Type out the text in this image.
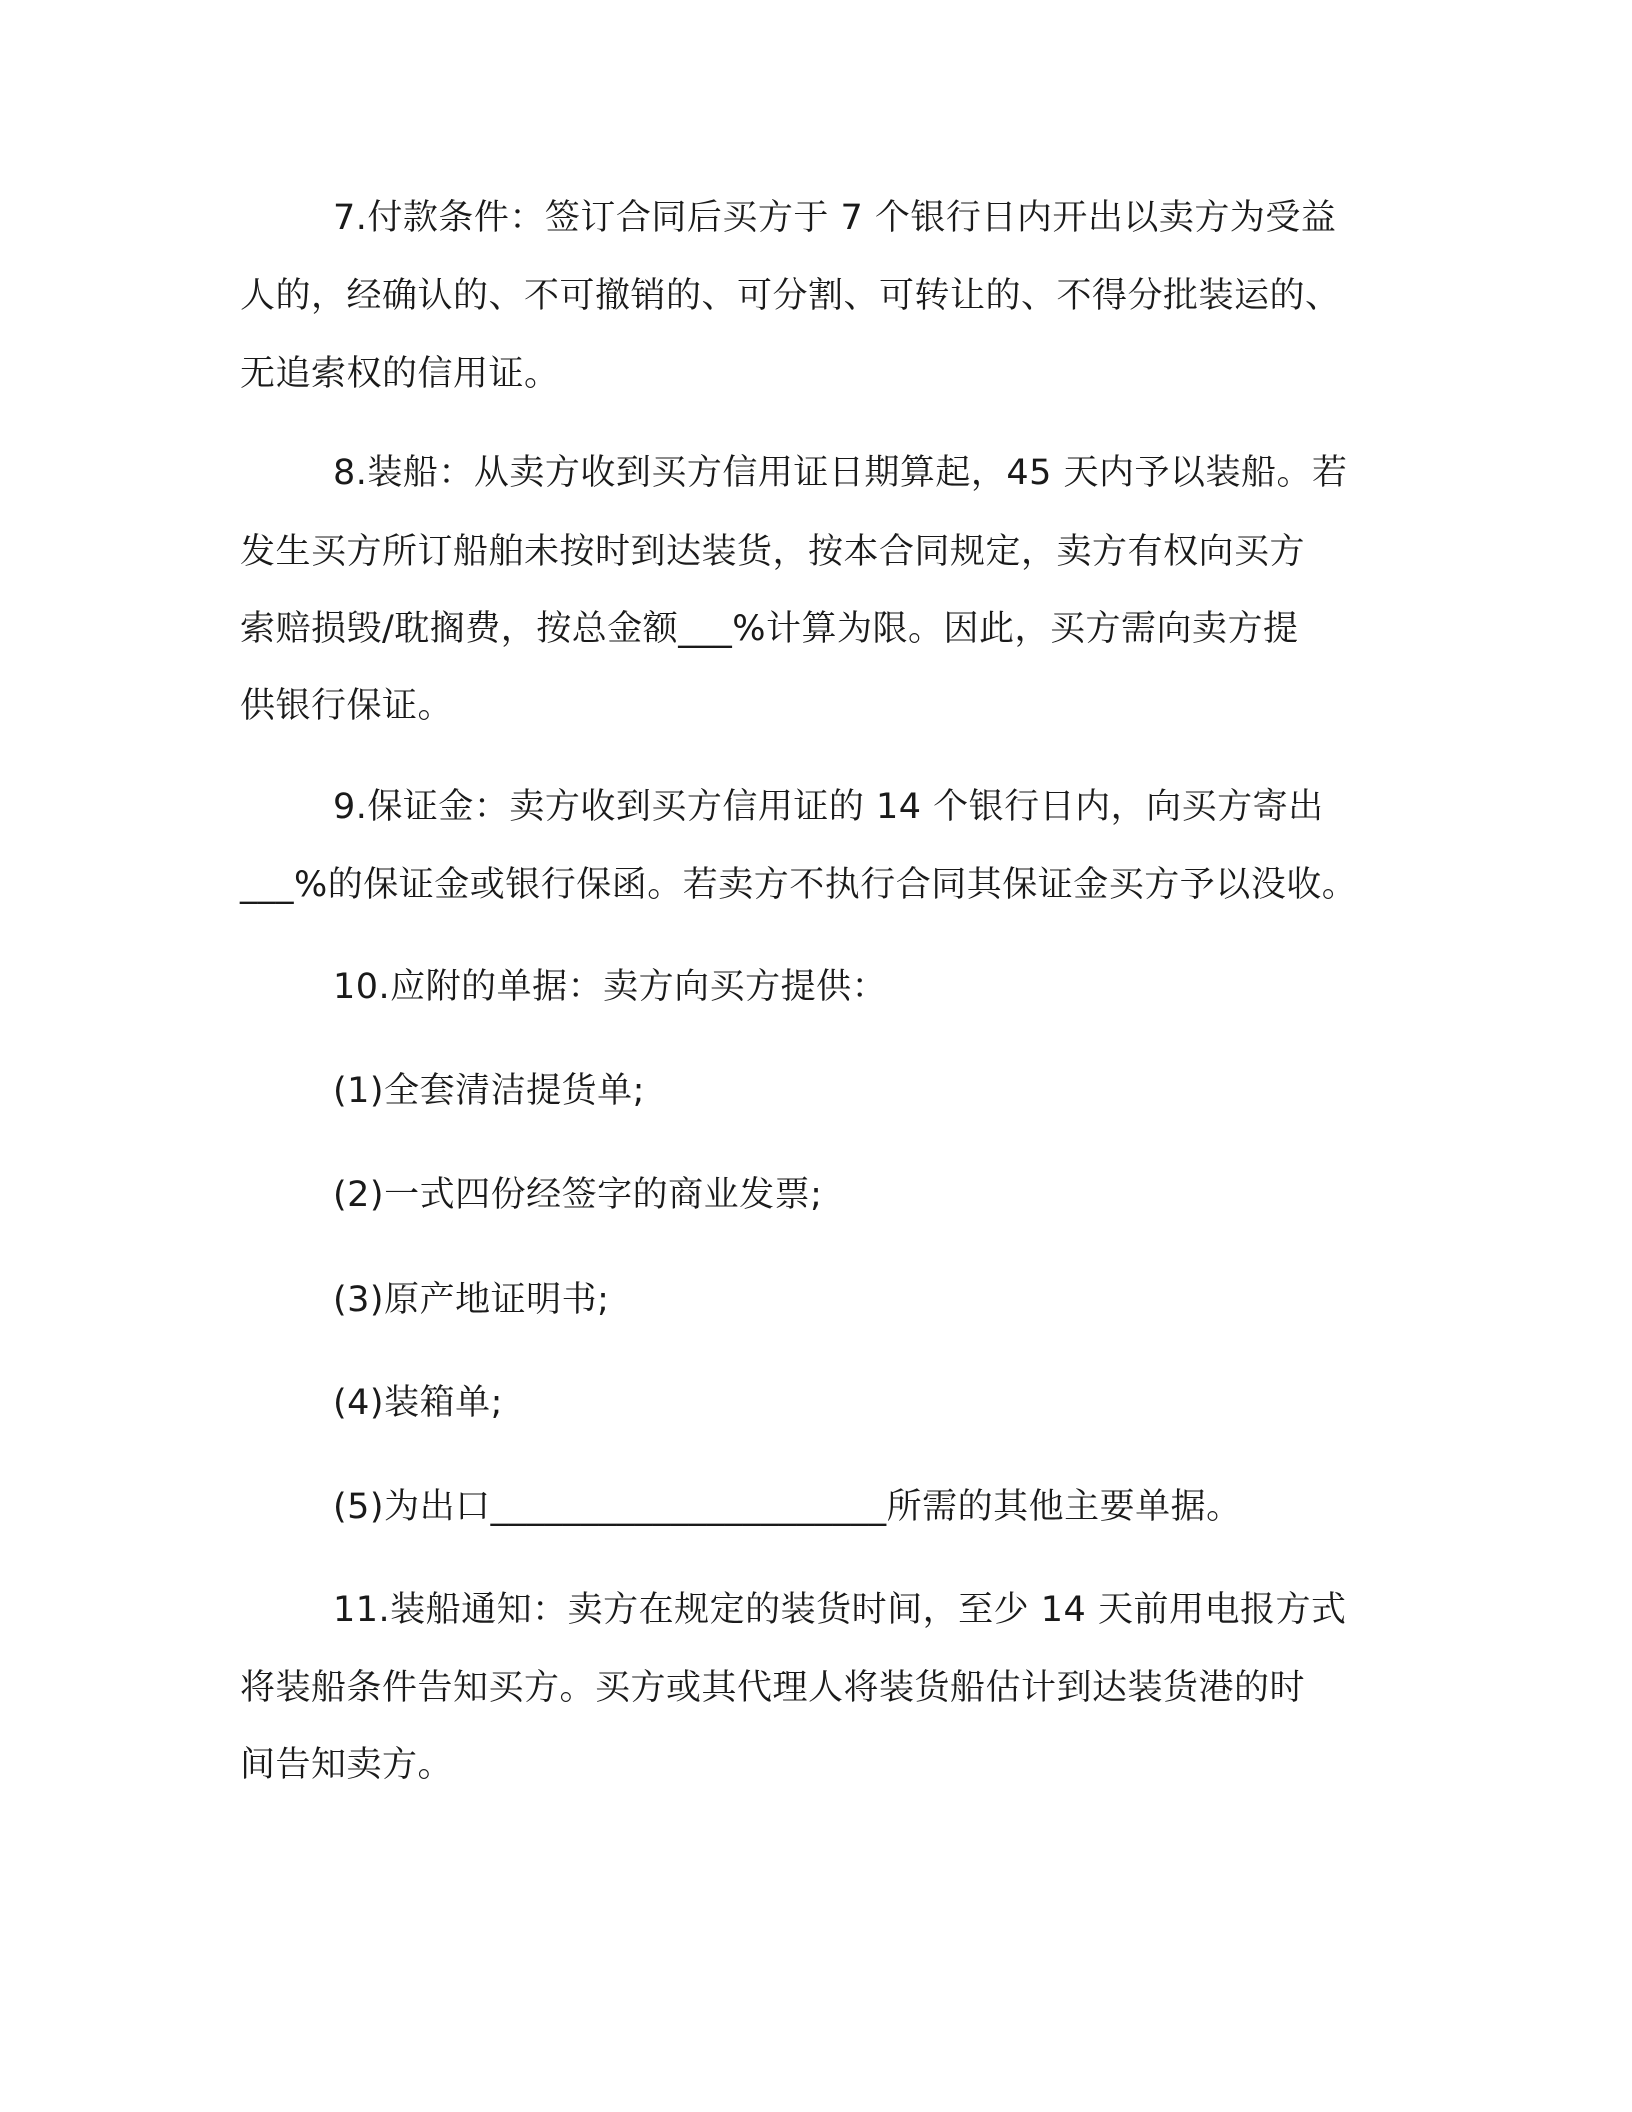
7.付款条件：签订合同后买方于 7 个银行日内开出以卖方为受益
人的，经确认的、不可撤销的、可分割、可转让的、不得分批装运的、
无追索权的信用证。
8.装船：从卖方收到买方信用证日期算起，45 天内予以装船。若
发生买方所订船舶未按时到达装货，按本合同规定，卖方有权向买方
索赔损毁/耽搁费，按总金额___%计算为限。因此，买方需向卖方提
供银行保证。
9.保证金：卖方收到买方信用证的 14 个银行日内，向买方寄出
___%的保证金或银行保函。若卖方不执行合同其保证金买方予以没收。
10.应附的单据：卖方向买方提供：
(1)全套清洁提货单;
(2)一式四份经签字的商业发票;
(3)原产地证明书;
(4)装箱单;
(5)为出口______________________所需的其他主要单据。
11.装船通知：卖方在规定的装货时间，至少 14 天前用电报方式
将装船条件告知买方。买方或其代理人将装货船估计到达装货港的时
间告知卖方。
